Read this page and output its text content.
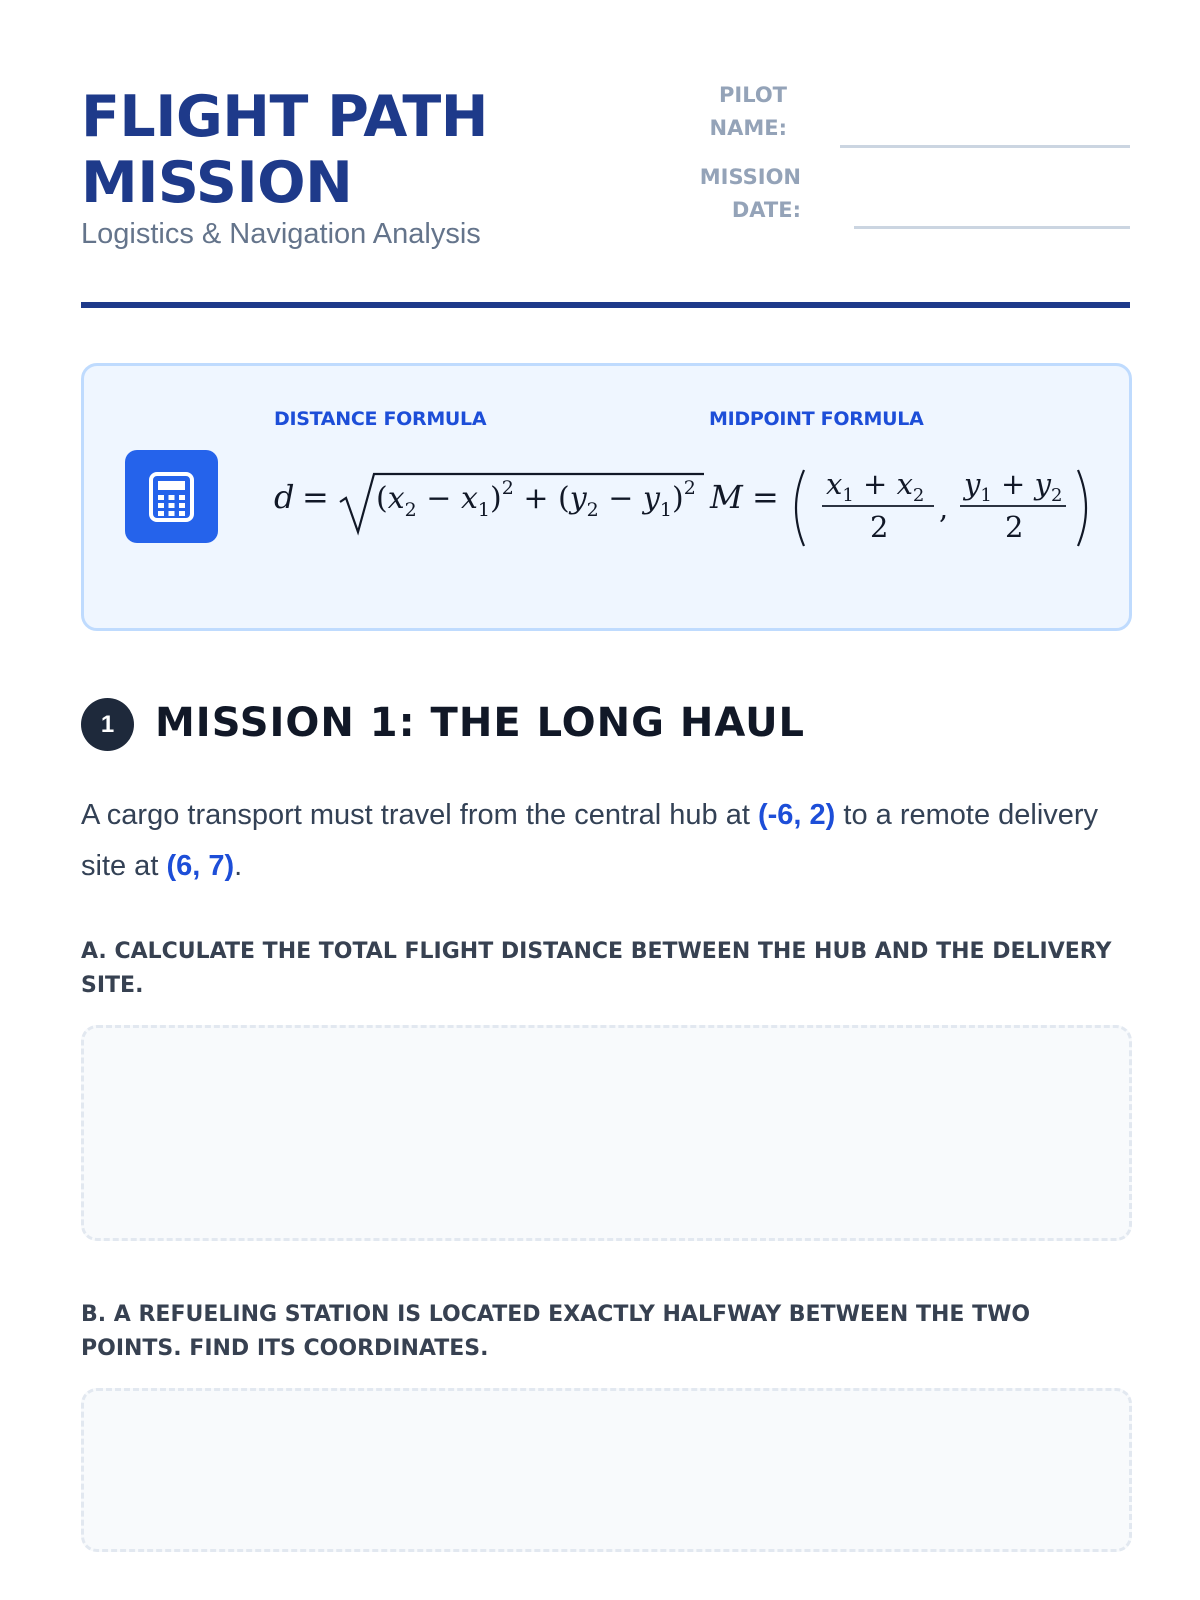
FLIGHT PATH
MISSION
Logistics & Navigation Analysis
PILOT
NAME:
MISSION
DATE:
DISTANCE FORMULA	MIDPOINT FORMULA
$d = (x_2 - x_1)^2 + (y_2 - y_1)^2$ $M = x_1 + x_2$
2
,
$y_1 + y_2$
2
1	MISSION 1: THE LONG HAUL
A cargo transport must travel from the central hub at (-6, 2) to a remote delivery site at (6, 7).
A. CALCULATE THE TOTAL FLIGHT DISTANCE BETWEEN THE HUB AND THE DELIVERY SITE.
B. A REFUELING STATION IS LOCATED EXACTLY HALFWAY BETWEEN THE TWO POINTS. FIND ITS COORDINATES.
